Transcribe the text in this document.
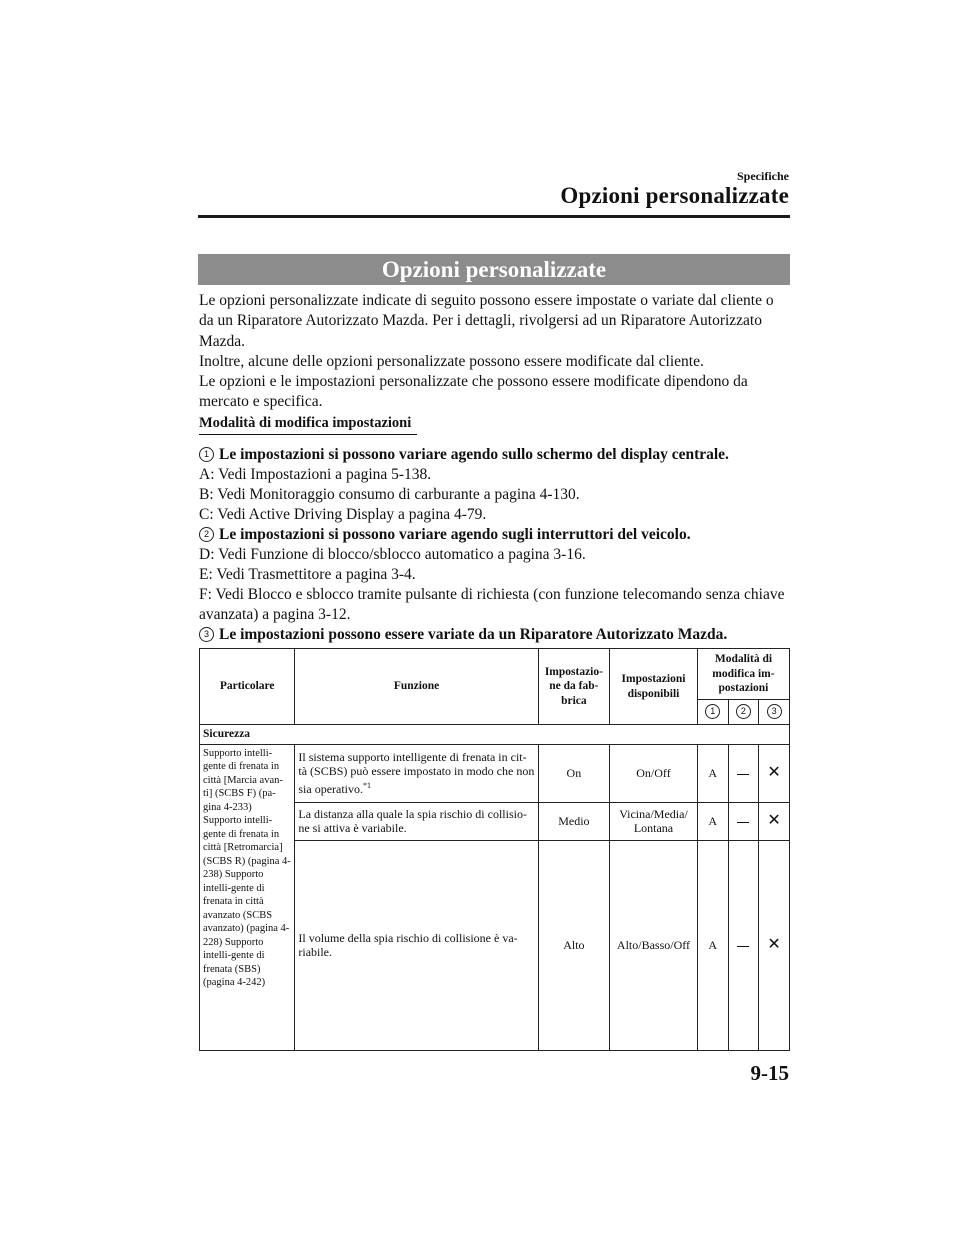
Specifiche
Opzioni personalizzate
Opzioni personalizzate

Le opzioni personalizzate indicate di seguito possono essere impostate o variate dal cliente o da un Riparatore Autorizzato Mazda. Per i dettagli, rivolgersi ad un Riparatore Autorizzato Mazda.

Inoltre, alcune delle opzioni personalizzate possono essere modificate dal cliente.

Le opzioni e le impostazioni personalizzate che possono essere modificate dipendono da mercato e specifica.

Modalità di modifica impostazioni
1 Le impostazioni si possono variare agendo sullo schermo del display centrale.
A: Vedi Impostazioni a pagina 5-138.
B: Vedi Monitoraggio consumo di carburante a pagina 4-130.
C: Vedi Active Driving Display a pagina 4-79.
2 Le impostazioni si possono variare agendo sugli interruttori del veicolo.
D: Vedi Funzione di blocco/sblocco automatico a pagina 3-16.
E: Vedi Trasmettitore a pagina 3-4.
F: Vedi Blocco e sblocco tramite pulsante di richiesta (con funzione telecomando senza chiave avanzata) a pagina 3-12.
3 Le impostazioni possono essere variate da un Riparatore Autorizzato Mazda.
Particolare	Funzione	Impostazio-ne da fab-brica	Impostazioni disponibili	Modalità di modifica im-postazioni		
				1	2	3
Sicurezza						
Supporto intelli-gente di frenata in città [Marcia avan-ti] (SCBS F) (pa-gina 4-233) Supporto intelli-gente di frenata in città [Retromarcia] (SCBS R) (pagina 4-238) Supporto intelli-gente di frenata in città avanzato (SCBS avanzato) (pagina 4-228) Supporto intelli-gente di frenata (SBS) (pagina 4-242)	Il sistema supporto intelligente di frenata in cit-tà (SCBS) può essere impostato in modo che non sia operativo.$^{*1}$	On	On/Off	A		✕
	La distanza alla quale la spia rischio di collisio-ne si attiva è variabile.	Medio	Vicina/Media/ Lontana	A		✕
	Il volume della spia rischio di collisione è va-riabile.	Alto	Alto/Basso/Off	A		✕
9-15
